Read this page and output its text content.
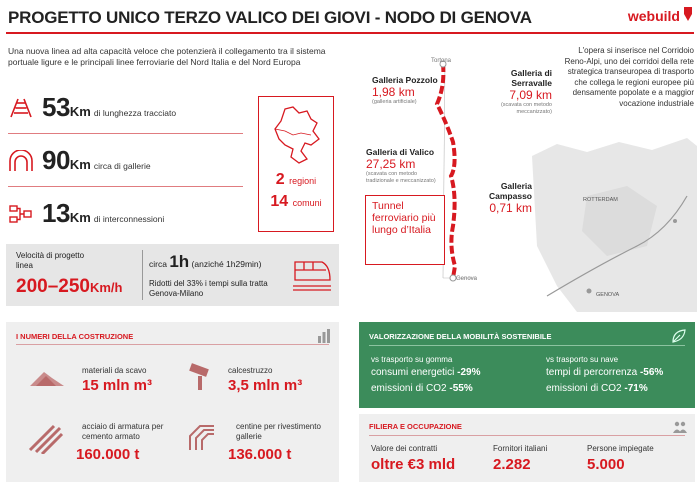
PROGETTO UNICO TERZO VALICO DEI GIOVI - NODO DI GENOVA	webuild
Una nuova linea ad alta capacità veloce che potenzierà il collegamento tra il sistema portuale ligure e le principali linee ferroviarie del Nord Italia e del Nord Europa
53Km di lunghezza tracciato
90Km circa di gallerie
13Km di interconnessioni
2 regioni
14 comuni
Velocità di progetto linea
200–250Km/h
circa 1h (anziché 1h29min)
Ridotti del 33% i tempi sulla tratta Genova-Milano
Tortona
Genova
Galleria Pozzolo
1,98 km
(galleria artificiale)
Galleria di Serravalle
7,09 km
(scavata con metodo meccanizzato)
Galleria di Valico
27,25 km
(scavata con metodo tradizionale e meccanizzato)	Galleria Campasso
0,71 km
Tunnel ferroviario più lungo d’Italia
L'opera si inserisce nel Corridoio Reno-Alpi, uno dei corridoi della rete strategica transeuropea di trasporto che collega le regioni europee più densamente popolate e a maggior vocazione industriale
ROTTERDAM
GENOVA
I NUMERI DELLA COSTRUZIONE
materiali da scavo
15 mln m³
calcestruzzo
3,5 mln m³
acciaio di armatura per cemento armato
160.000 t
centine per rivestimento gallerie
136.000 t
VALORIZZAZIONE DELLA MOBILITÀ SOSTENIBILE
vs trasporto su gomma
consumi energetici -29%
emissioni di CO2 -55%
vs trasporto su nave
tempi di percorrenza -56%
emissioni di CO2 -71%
FILIERA E OCCUPAZIONE
Valore dei contratti
oltre €3 mld
Fornitori italiani
2.282
Persone impiegate
5.000
